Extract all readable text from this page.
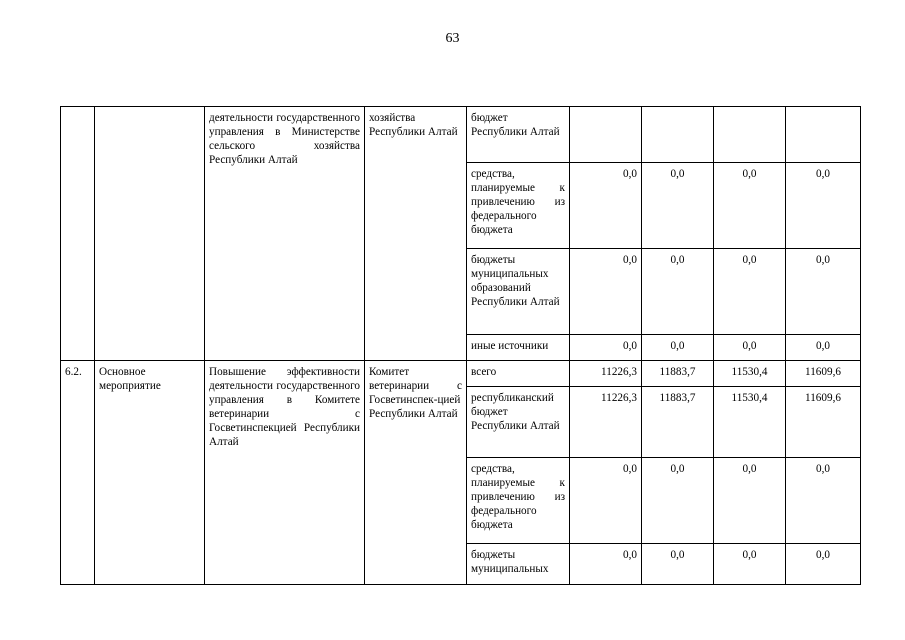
63
		деятельности государственного управления в Министерстве сельского хозяйства Республики Алтай	хозяйства Республики Алтай	бюджет Республики Алтай				
				средства, планируемые к привлечению из федерального бюджета	0,0	0,0	0,0	0,0
				бюджеты муниципальных образований Республики Алтай	0,0	0,0	0,0	0,0
				иные источники	0,0	0,0	0,0	0,0
6.2.	Основное мероприятие	Повышение эффективности деятельности государственного управления в Комитете ветеринарии с Госветинспекцией Республики Алтай	Комитет ветеринарии с Госветинспек-цией Республики Алтай	всего	11226,3	11883,7	11530,4	11609,6
				республиканский бюджет Республики Алтай	11226,3	11883,7	11530,4	11609,6
				средства, планируемые к привлечению из федерального бюджета	0,0	0,0	0,0	0,0
				бюджеты муниципальных	0,0	0,0	0,0	0,0
